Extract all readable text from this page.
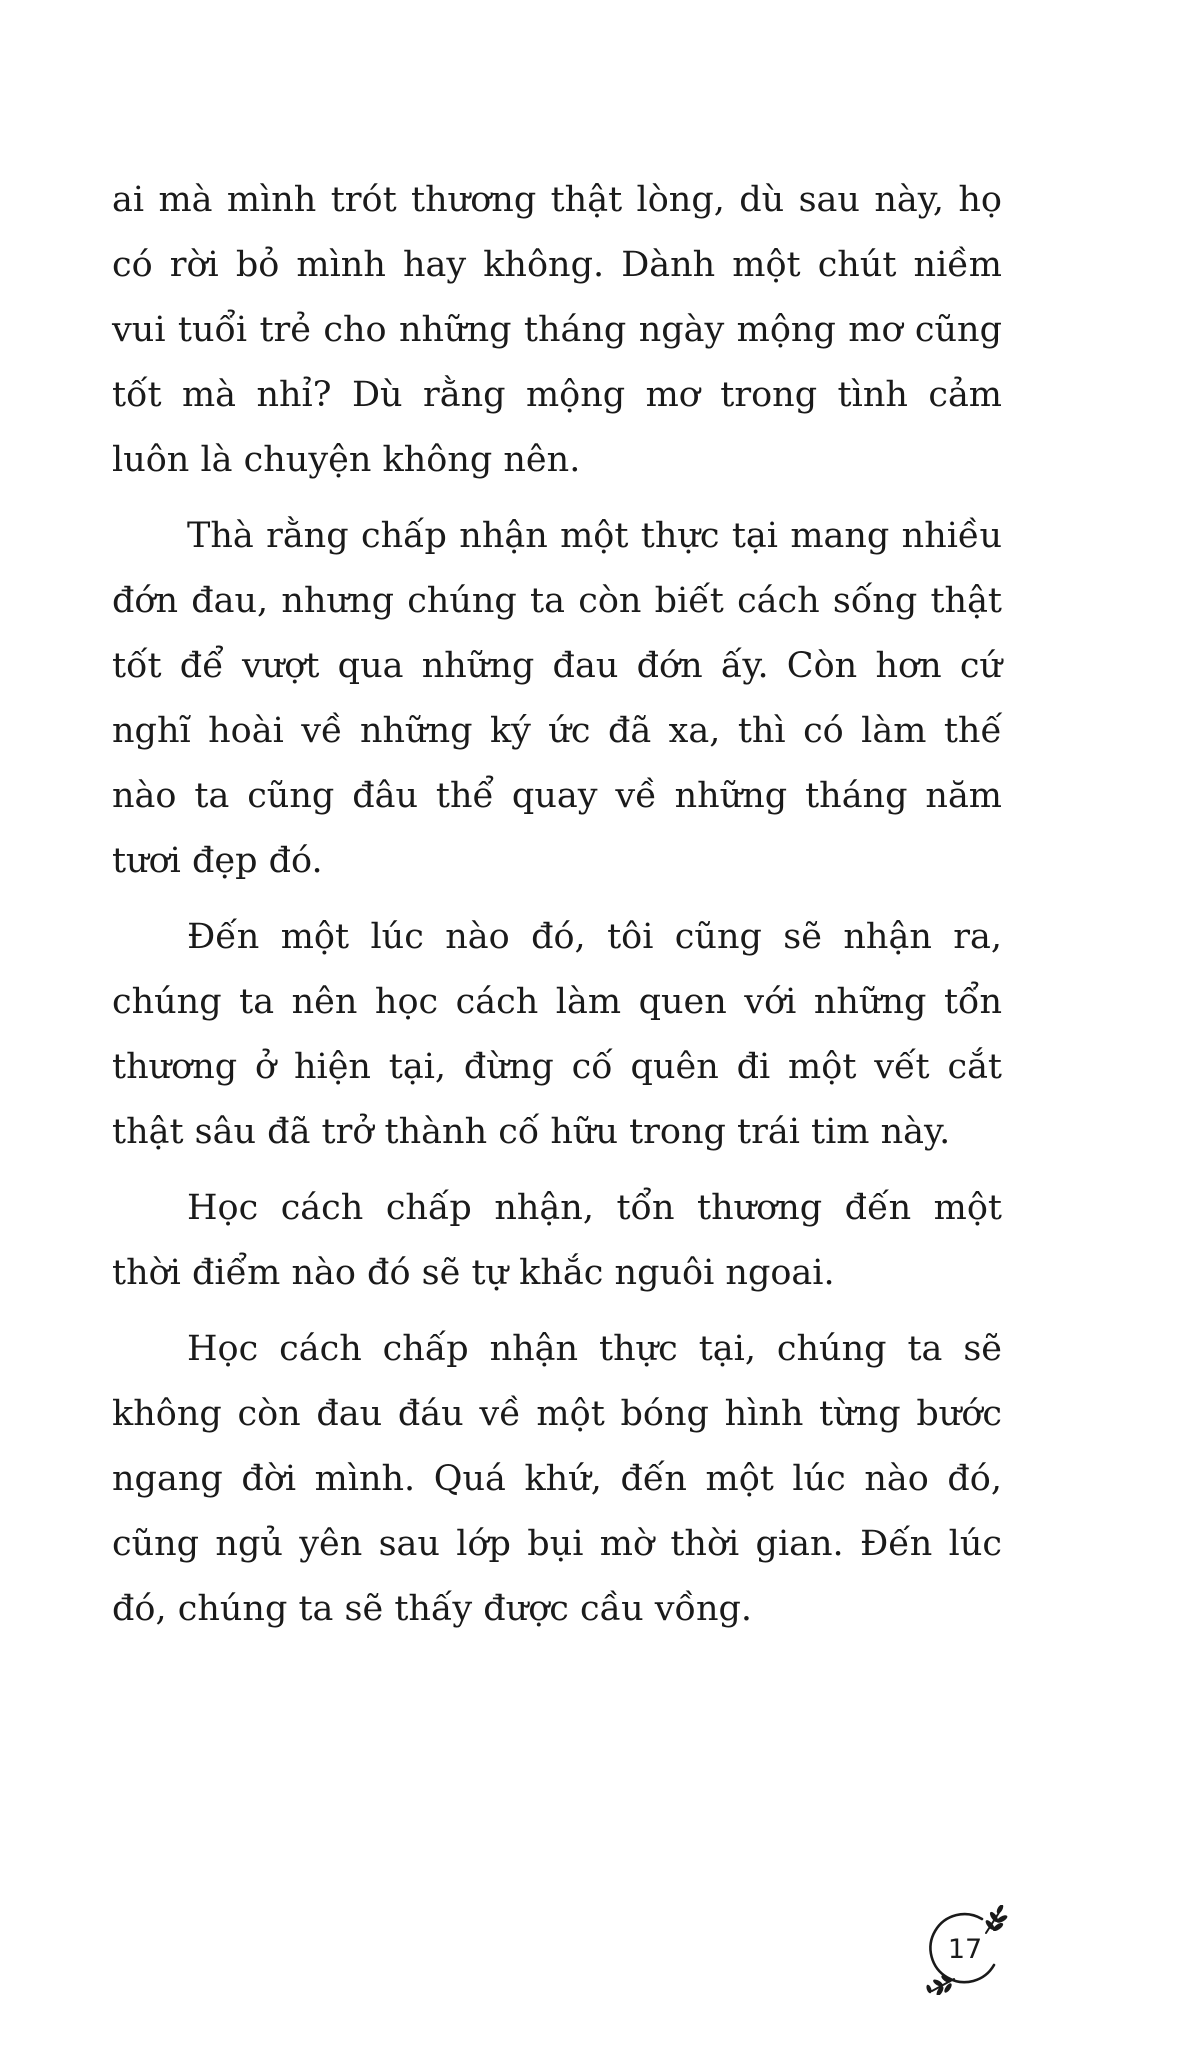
ai mà mình trót thương thật lòng, dù sau này, họ có rời bỏ mình hay không. Dành một chút niềm vui tuổi trẻ cho những tháng ngày mộng mơ cũng tốt mà nhỉ? Dù rằng mộng mơ trong tình cảm luôn là chuyện không nên.

Thà rằng chấp nhận một thực tại mang nhiều đớn đau, nhưng chúng ta còn biết cách sống thật tốt để vượt qua những đau đớn ấy. Còn hơn cứ nghĩ hoài về những ký ức đã xa, thì có làm thế nào ta cũng đâu thể quay về những tháng năm tươi đẹp đó.

Đến một lúc nào đó, tôi cũng sẽ nhận ra, chúng ta nên học cách làm quen với những tổn thương ở hiện tại, đừng cố quên đi một vết cắt thật sâu đã trở thành cố hữu trong trái tim này.

Học cách chấp nhận, tổn thương đến một thời điểm nào đó sẽ tự khắc nguôi ngoai.

Học cách chấp nhận thực tại, chúng ta sẽ không còn đau đáu về một bóng hình từng bước ngang đời mình. Quá khứ, đến một lúc nào đó, cũng ngủ yên sau lớp bụi mờ thời gian. Đến lúc đó, chúng ta sẽ thấy được cầu vồng.

17
